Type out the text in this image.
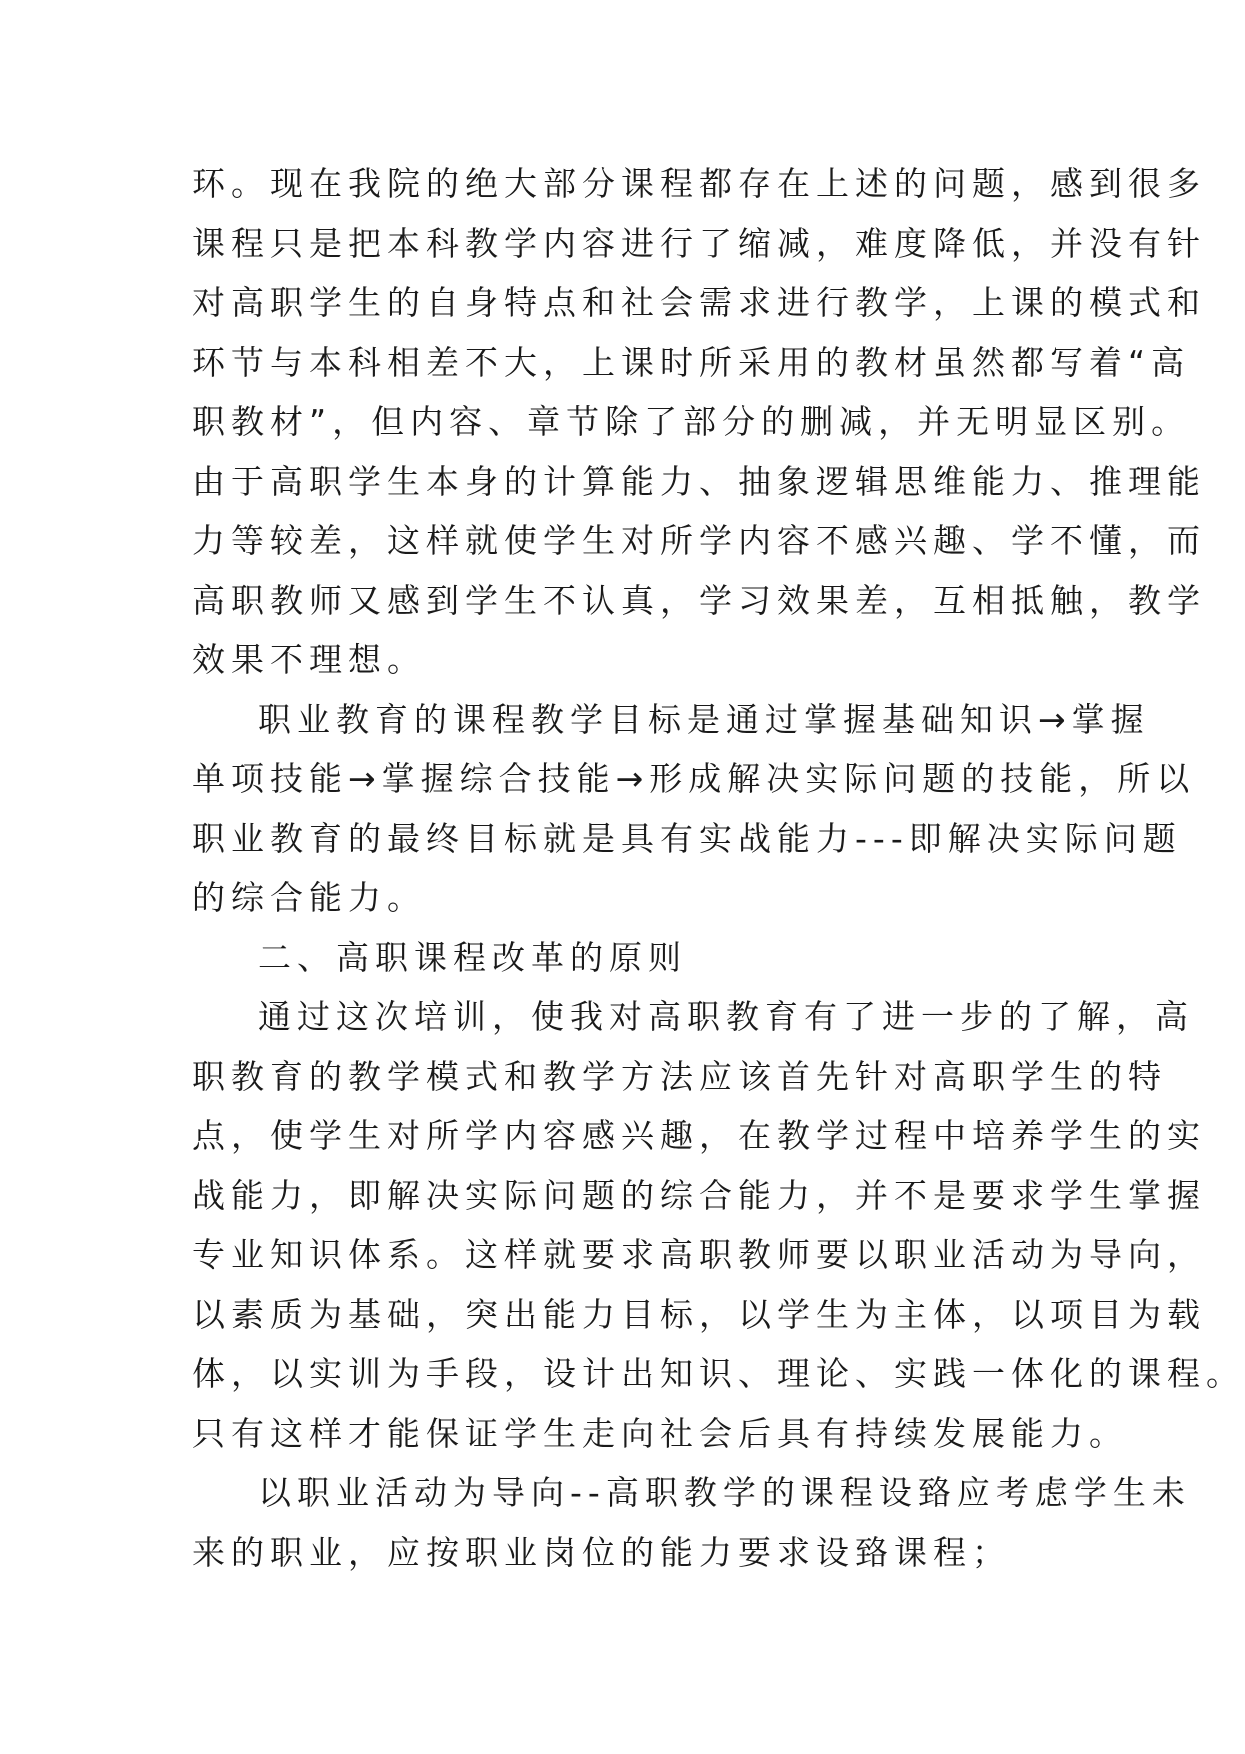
环。现在我院的绝大部分课程都存在上述的问题，感到很多
课程只是把本科教学内容进行了缩减，难度降低，并没有针
对高职学生的自身特点和社会需求进行教学，上课的模式和
环节与本科相差不大，上课时所采用的教材虽然都写着“高
职教材”，但内容、章节除了部分的删减，并无明显区别。
由于高职学生本身的计算能力、抽象逻辑思维能力、推理能
力等较差，这样就使学生对所学内容不感兴趣、学不懂，而
高职教师又感到学生不认真，学习效果差，互相抵触，教学
效果不理想。
职业教育的课程教学目标是通过掌握基础知识→掌握
单项技能→掌握综合技能→形成解决实际问题的技能，所以
职业教育的最终目标就是具有实战能力---即解决实际问题
的综合能力。
二、高职课程改革的原则
通过这次培训，使我对高职教育有了进一步的了解，高
职教育的教学模式和教学方法应该首先针对高职学生的特
点，使学生对所学内容感兴趣，在教学过程中培养学生的实
战能力，即解决实际问题的综合能力，并不是要求学生掌握
专业知识体系。这样就要求高职教师要以职业活动为导向，
以素质为基础，突出能力目标，以学生为主体，以项目为载
体，以实训为手段，设计出知识、理论、实践一体化的课程。
只有这样才能保证学生走向社会后具有持续发展能力。
以职业活动为导向--高职教学的课程设臵应考虑学生未
来的职业，应按职业岗位的能力要求设臵课程；
